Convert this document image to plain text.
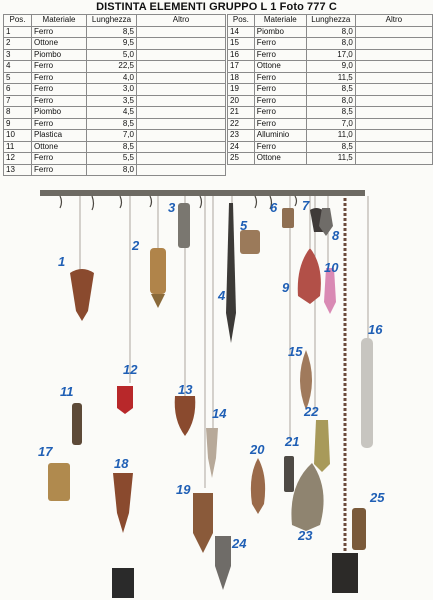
DISTINTA ELEMENTI GRUPPO L 1 Foto 777 C
Pos.	Materiale	Lunghezza	Altro
1	Ferro	8,5	
2	Ottone	9,5	
3	Piombo	5,0	
4	Ferro	22,5	
5	Ferro	4,0	
6	Ferro	3,0	
7	Ferro	3,5	
8	Piombo	4,5	
9	Ferro	8,5	
10	Plastica	7,0	
11	Ottone	8,5	
12	Ferro	5,5	
13	Ferro	8,0	
Pos.	Materiale	Lunghezza	Altro
14	Piombo	8,0	
15	Ferro	8,0	
16	Ferro	17,0	
17	Ottone	9,0	
18	Ferro	11,5	
19	Ferro	8,5	
20	Ferro	8,0	
21	Ferro	8,5	
22	Ferro	7,0	
23	Alluminio	11,0	
24	Ferro	8,5	
25	Ottone	11,5	
1
2
3
4
5
6 7
8
9
10
11
12
13
14
15
16
17
18
19
20
21
22
23
24
25
